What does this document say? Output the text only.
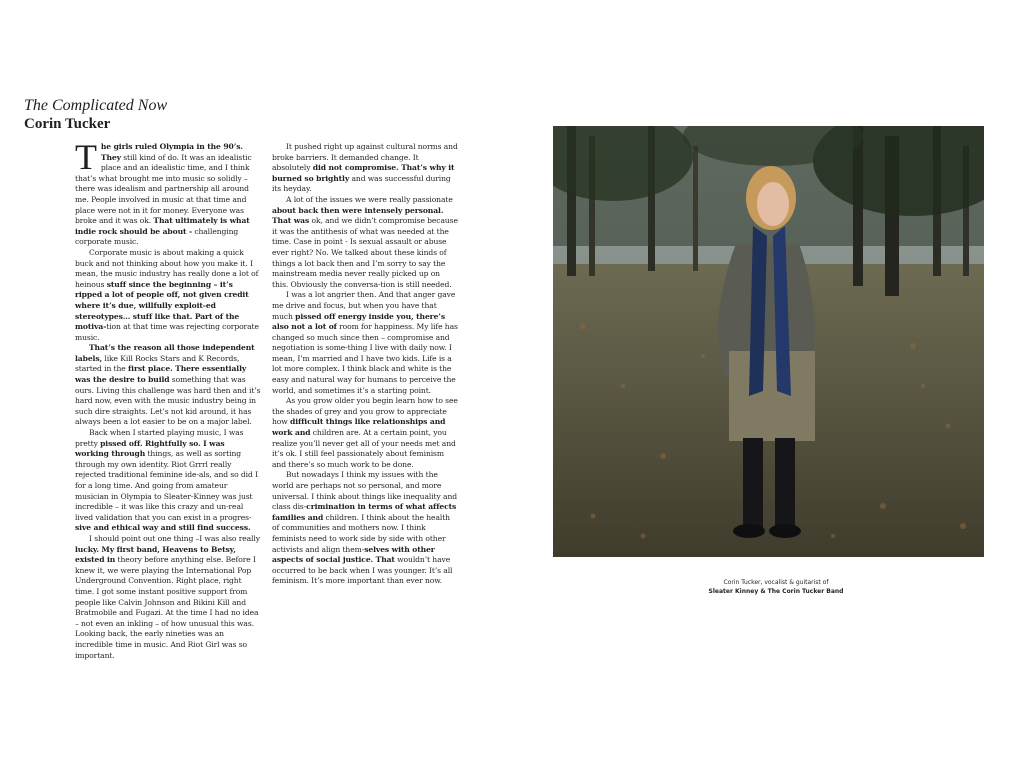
The Complicated Now
Corin Tucker

The girls ruled Olympia in the 90’s. They still kind of do. It was an idealistic place and an idealistic time, and I think that’s what brought me into music so solidly – there was idealism and partnership all around me. People involved in music at that time and place were not in it for money. Everyone was broke and it was ok. That ultimately is what indie rock should be about - challenging corporate music.

Corporate music is about making a quick buck and not thinking about how you make it. I mean, the music industry has really done a lot of heinous stuff since the beginning – it’s ripped a lot of people off, not given credit where it’s due, willfully exploit-ed stereotypes… stuff like that. Part of the motiva-tion at that time was rejecting corporate music.

That’s the reason all those independent labels, like Kill Rocks Stars and K Records, started in the first place. There essentially was the desire to build something that was ours. Living this challenge was hard then and it’s hard now, even with the music industry being in such dire straights. Let’s not kid around, it has always been a lot easier to be on a major label.

Back when I started playing music, I was pretty pissed off. Rightfully so. I was working through things, as well as sorting through my own identity. Riot Grrrl really rejected traditional feminine ide-als, and so did I for a long time. And going from amateur musician in Olympia to Sleater-Kinney was just incredible – it was like this crazy and un-real lived validation that you can exist in a progres-sive and ethical way and still find success.

I should point out one thing –I was also really lucky. My first band, Heavens to Betsy, existed in theory before anything else. Before I knew it, we were playing the International Pop Underground Convention. Right place, right time. I got some instant positive support from people like Calvin Johnson and Bikini Kill and Bratmobile and Fugazi. At the time I had no idea – not even an inkling – of how unusual this was. Looking back, the early nineties was an incredible time in music. And Riot Girl was so important.

It pushed right up against cultural norms and broke barriers. It demanded change. It absolutely did not compromise. That’s why it burned so brightly and was successful during its heyday.

A lot of the issues we were really passionate about back then were intensely personal. That was ok, and we didn’t compromise because it was the antithesis of what was needed at the time. Case in point - Is sexual assault or abuse ever right? No. We talked about these kinds of things a lot back then and I’m sorry to say the mainstream media never really picked up on this. Obviously the conversa-tion is still needed.

I was a lot angrier then. And that anger gave me drive and focus, but when you have that much pissed off energy inside you, there’s also not a lot of room for happiness. My life has changed so much since then – compromise and negotiation is some-thing I live with daily now. I mean, I’m married and I have two kids. Life is a lot more complex. I think black and white is the easy and natural way for humans to perceive the world, and sometimes it’s a starting point.

As you grow older you begin learn how to see the shades of grey and you grow to appreciate how difficult things like relationships and work and children are. At a certain point, you realize you’ll never get all of your needs met and it’s ok. I still feel passionately about feminism and there’s so much work to be done.

But nowadays I think my issues with the world are perhaps not so personal, and more universal. I think about things like inequality and class dis-crimination in terms of what affects families and children. I think about the health of communities and mothers now. I think feminists need to work side by side with other activists and align them-selves with other aspects of social justice. That wouldn’t have occurred to be back when I was younger. It’s all feminism. It’s more important than ever now.	Corin Tucker, vocalist & guitarist of
Sleater Kinney & The Corin Tucker Band
